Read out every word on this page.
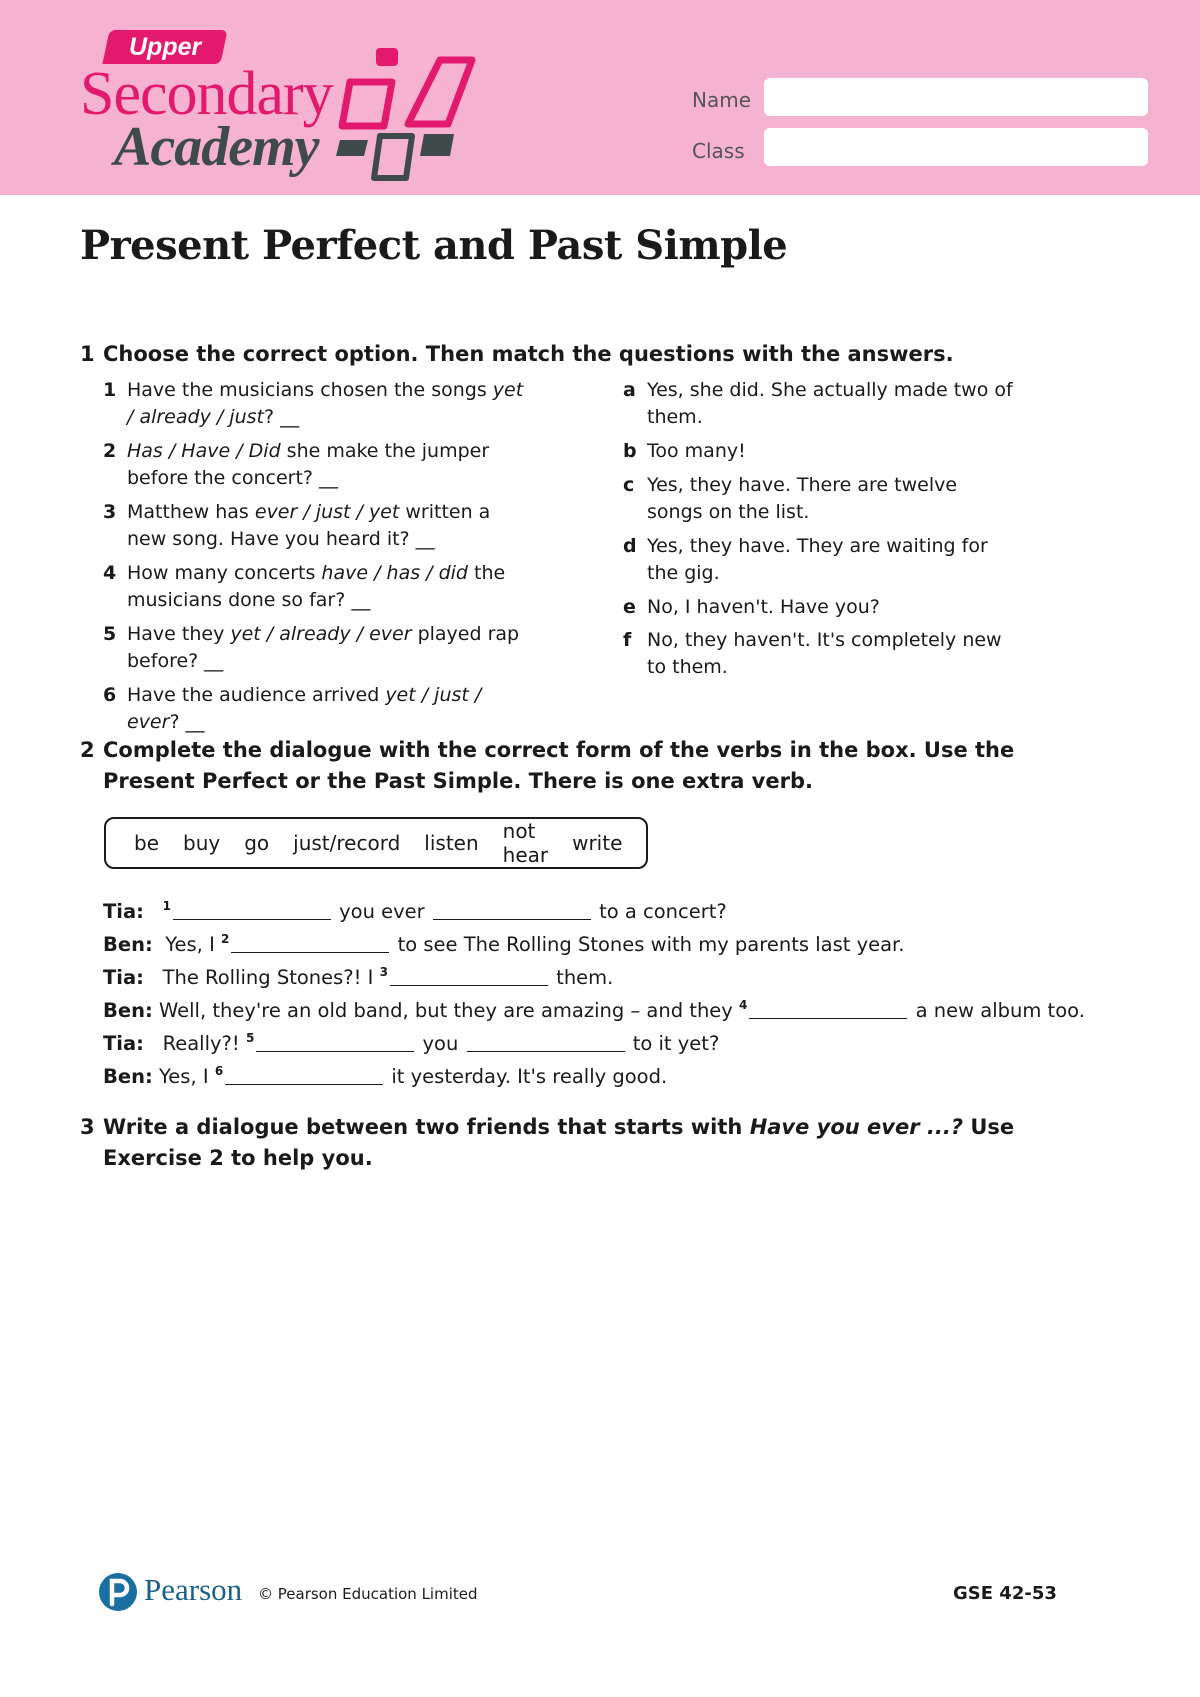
Upper
Secondary
Academy
Name
Class
Present Perfect and Past Simple
1 Choose the correct option. Then match the questions with the answers.
1 Have the musicians chosen the songs yet / already / just? __
2 Has / Have / Did she make the jumper before the concert? __
3 Matthew has ever / just / yet written a new song. Have you heard it? __
4 How many concerts have / has / did the musicians done so far? __
5 Have they yet / already / ever played rap before? __
6 Have the audience arrived yet / just / ever? __
a Yes, she did. She actually made two of them.
b Too many!
c Yes, they have. There are twelve songs on the list.
d Yes, they have. They are waiting for the gig.
e No, I haven't. Have you?
f No, they haven't. It's completely new to them.
2 Complete the dialogue with the correct form of the verbs in the box. Use the Present Perfect or the Past Simple. There is one extra verb.
be buy go just/record listen not hear write
Tia: $^1$	you ever	to a concert?
Ben: Yes, I $^2$	to see The Rolling Stones with my parents last year.
Tia: The Rolling Stones?! I $^3$	them.
Ben: Well, they're an old band, but they are amazing – and they $^4$	a new album too.
Tia: Really?! $^5$	you	to it yet?
Ben: Yes, I $^6$	it yesterday. It's really good.
3 Write a dialogue between two friends that starts with Have you ever ...? Use Exercise 2 to help you.
Pearson © Pearson Education Limited	GSE 42-53
